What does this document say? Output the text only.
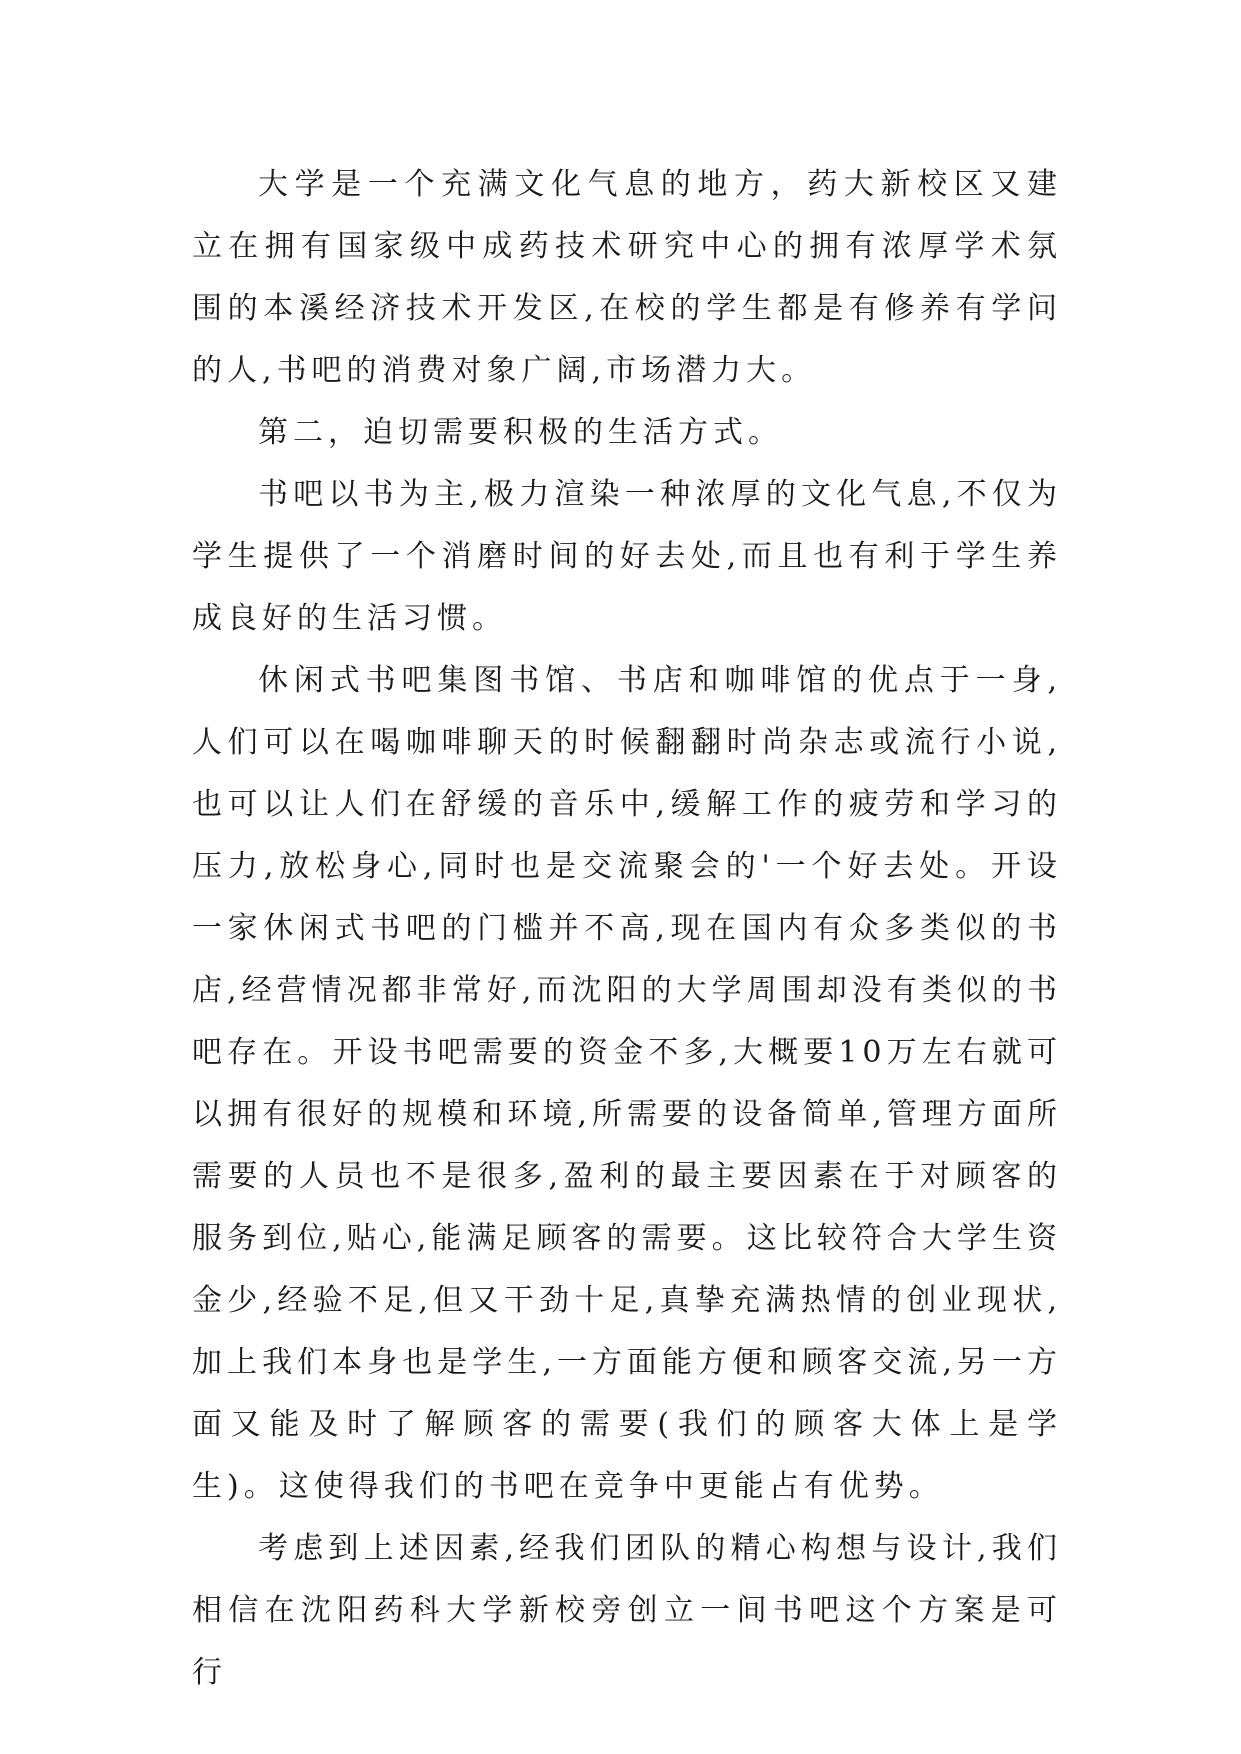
大学是一个充满文化气息的地方，药大新校区又建立在拥有国家级中成药技术研究中心的拥有浓厚学术氛围的本溪经济技术开发区,在校的学生都是有修养有学问的人,书吧的消费对象广阔,市场潜力大。

第二，迫切需要积极的生活方式。

书吧以书为主,极力渲染一种浓厚的文化气息,不仅为学生提供了一个消磨时间的好去处,而且也有利于学生养成良好的生活习惯。

休闲式书吧集图书馆、书店和咖啡馆的优点于一身,人们可以在喝咖啡聊天的时候翻翻时尚杂志或流行小说,也可以让人们在舒缓的音乐中,缓解工作的疲劳和学习的压力,放松身心,同时也是交流聚会的'一个好去处。开设一家休闲式书吧的门槛并不高,现在国内有众多类似的书店,经营情况都非常好,而沈阳的大学周围却没有类似的书吧存在。开设书吧需要的资金不多,大概要10万左右就可以拥有很好的规模和环境,所需要的设备简单,管理方面所需要的人员也不是很多,盈利的最主要因素在于对顾客的服务到位,贴心,能满足顾客的需要。这比较符合大学生资金少,经验不足,但又干劲十足,真挚充满热情的创业现状,加上我们本身也是学生,一方面能方便和顾客交流,另一方面又能及时了解顾客的需要(我们的顾客大体上是学生)。这使得我们的书吧在竞争中更能占有优势。

考虑到上述因素,经我们团队的精心构想与设计,我们相信在沈阳药科大学新校旁创立一间书吧这个方案是可行
